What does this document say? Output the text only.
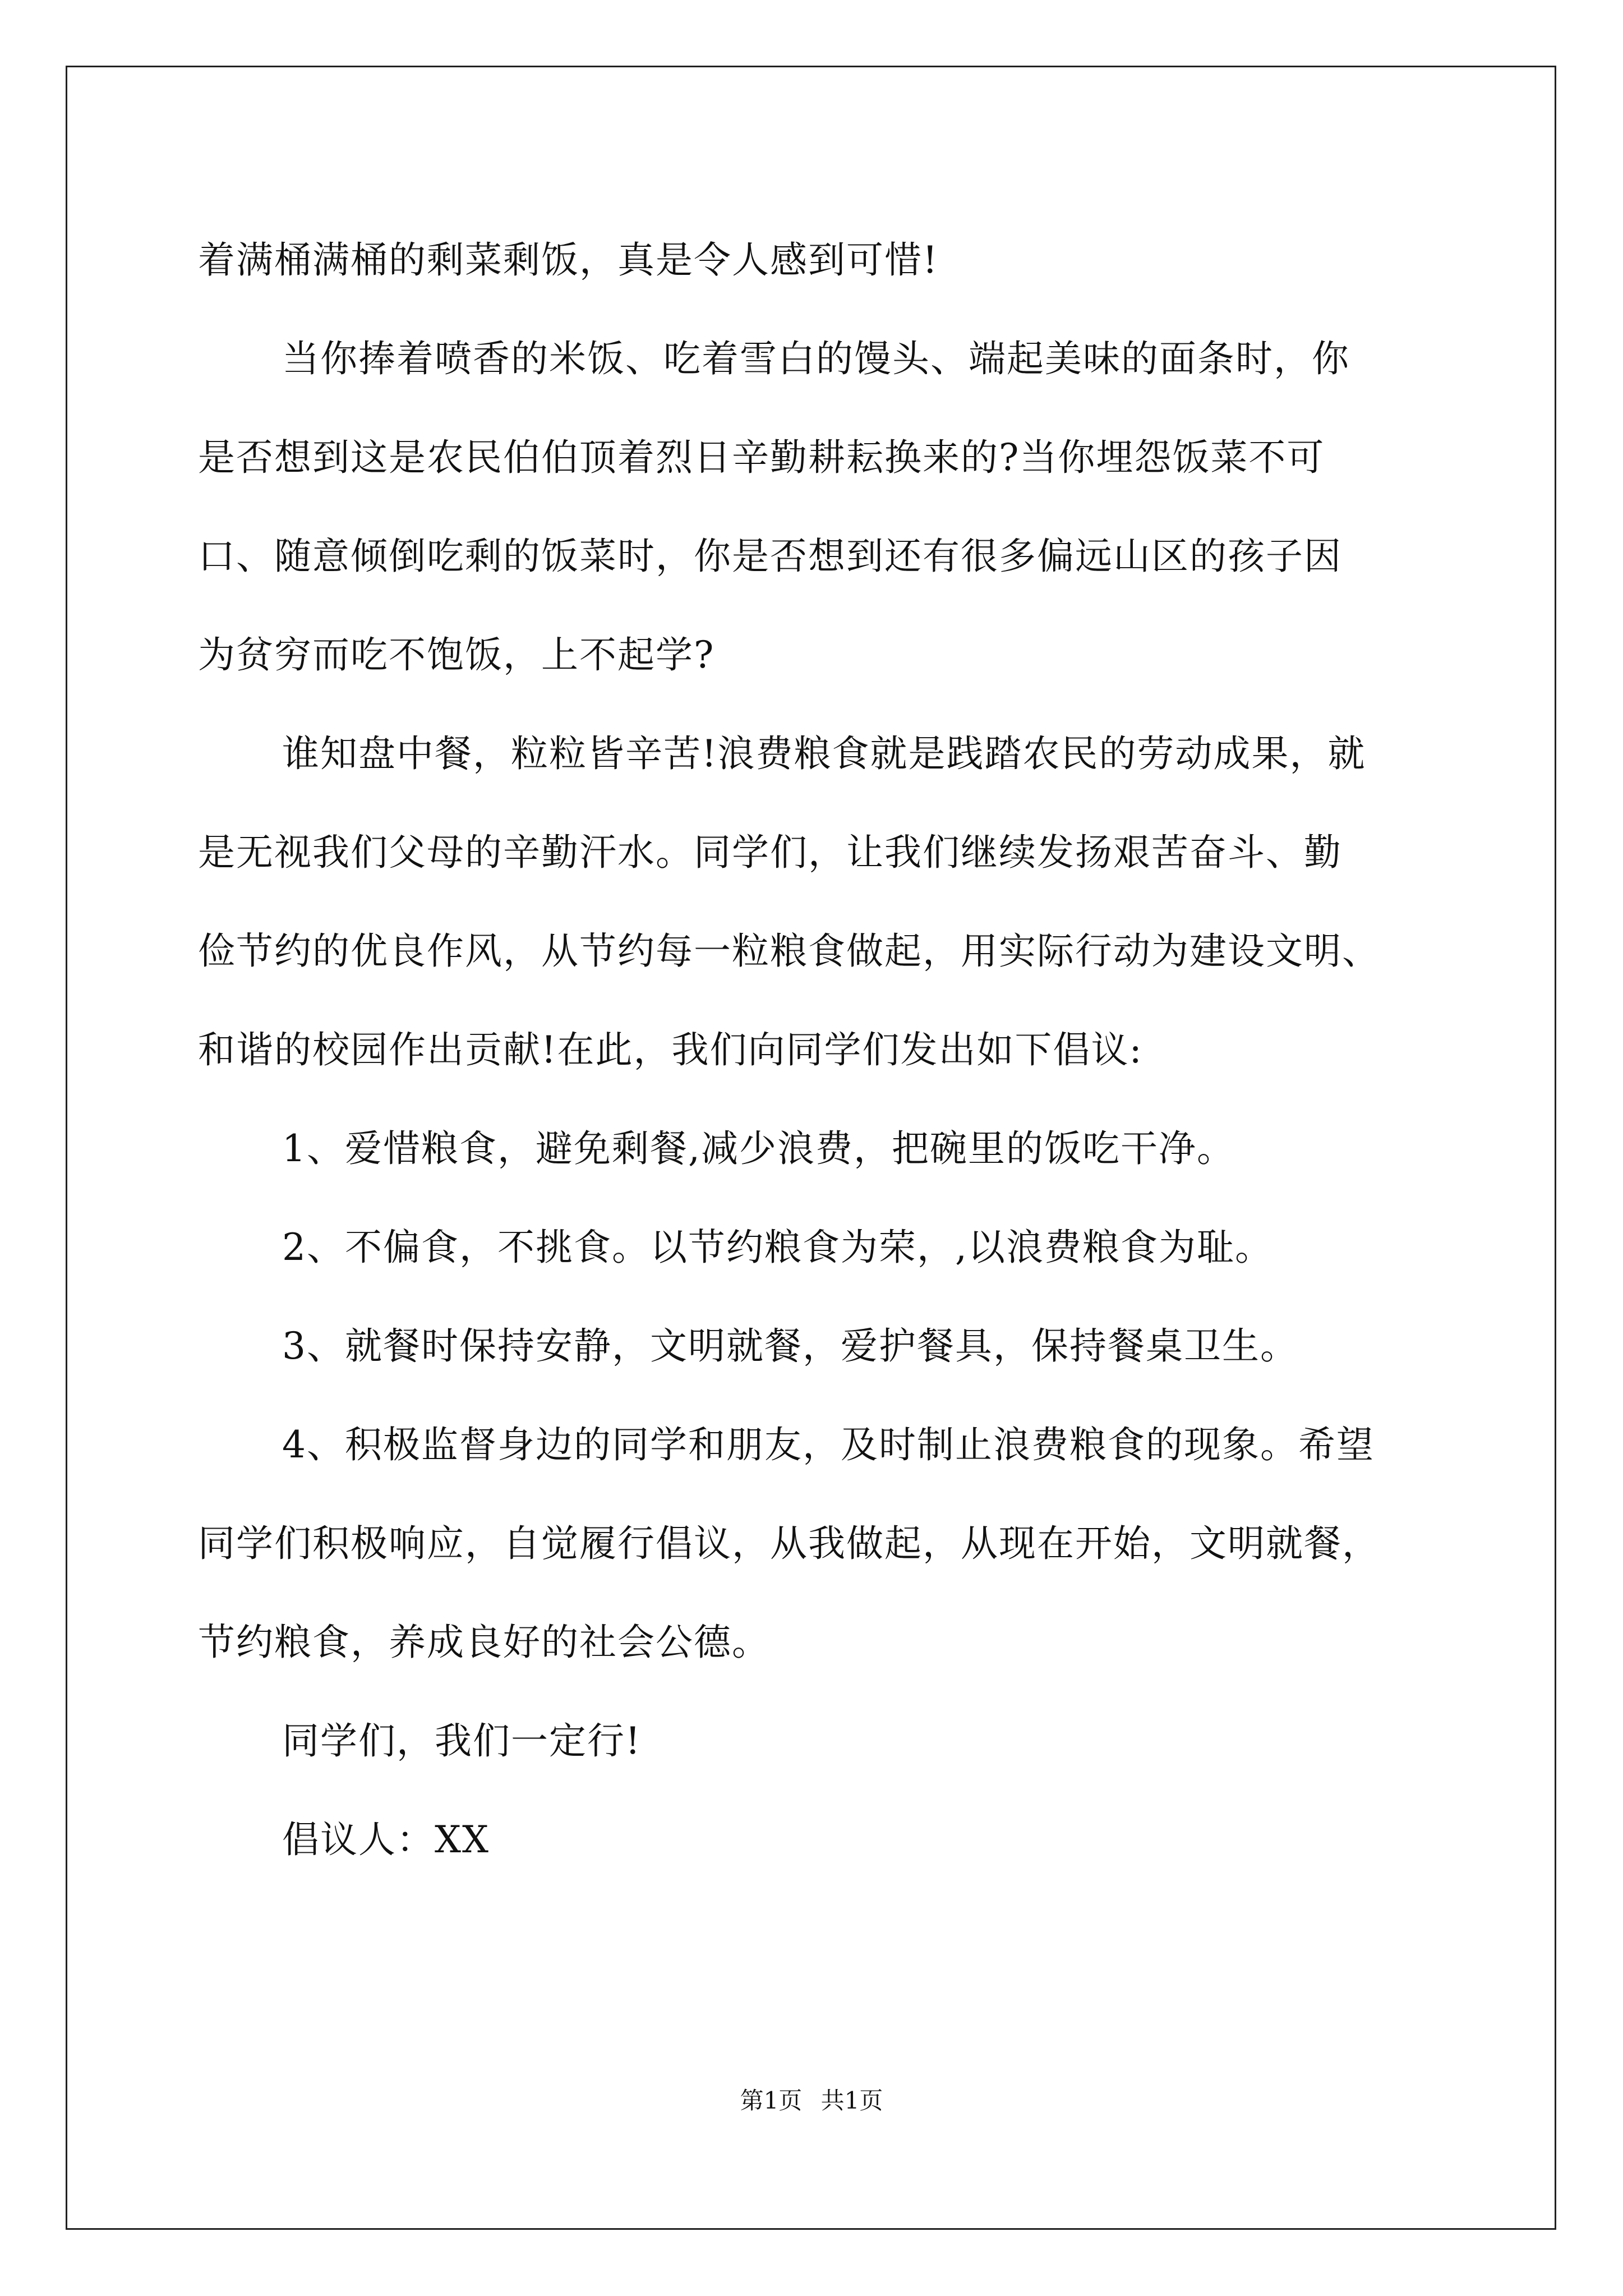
着满桶满桶的剩菜剩饭，真是令人感到可惜!
当你捧着喷香的米饭、吃着雪白的馒头、端起美味的面条时，你
是否想到这是农民伯伯顶着烈日辛勤耕耘换来的?当你埋怨饭菜不可
口、随意倾倒吃剩的饭菜时，你是否想到还有很多偏远山区的孩子因
为贫穷而吃不饱饭，上不起学?
谁知盘中餐，粒粒皆辛苦!浪费粮食就是践踏农民的劳动成果，就
是无视我们父母的辛勤汗水。同学们，让我们继续发扬艰苦奋斗、勤
俭节约的优良作风，从节约每一粒粮食做起，用实际行动为建设文明、
和谐的校园作出贡献!在此，我们向同学们发出如下倡议:
1、爱惜粮食，避免剩餐,减少浪费，把碗里的饭吃干净。
2、不偏食，不挑食。以节约粮食为荣，,以浪费粮食为耻。
3、就餐时保持安静，文明就餐，爱护餐具，保持餐桌卫生。
4、积极监督身边的同学和朋友，及时制止浪费粮食的现象。希望
同学们积极响应，自觉履行倡议，从我做起，从现在开始，文明就餐，
节约粮食，养成良好的社会公德。
同学们，我们一定行!
倡议人：XX
第1页 共1页
